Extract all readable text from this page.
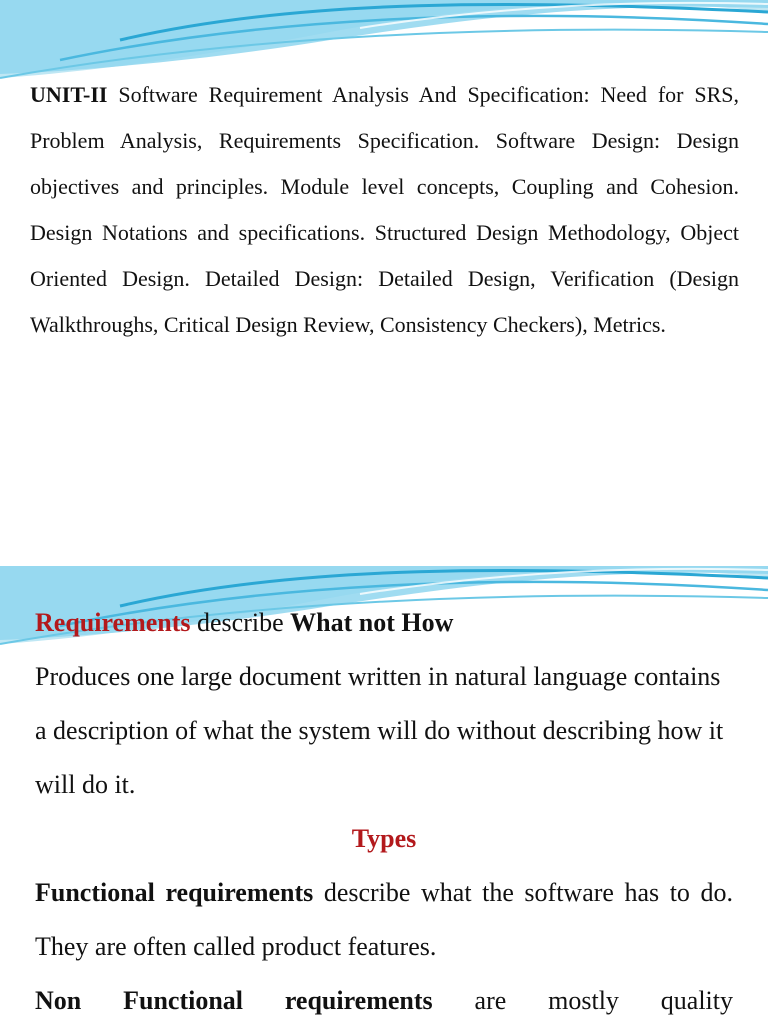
UNIT-II Software Requirement Analysis And Specification: Need for SRS, Problem Analysis, Requirements Specification. Software Design: Design objectives and principles. Module level concepts, Coupling and Cohesion. Design Notations and specifications. Structured Design Methodology, Object Oriented Design. Detailed Design: Detailed Design, Verification (Design Walkthroughs, Critical Design Review, Consistency Checkers), Metrics.

Requirements describe What not How

Produces one large document written in natural language contains a description of what the system will do without describing how it will do it.

Types

Functional requirements describe what the software has to do. They are often called product features.

Non Functional requirements are mostly quality
